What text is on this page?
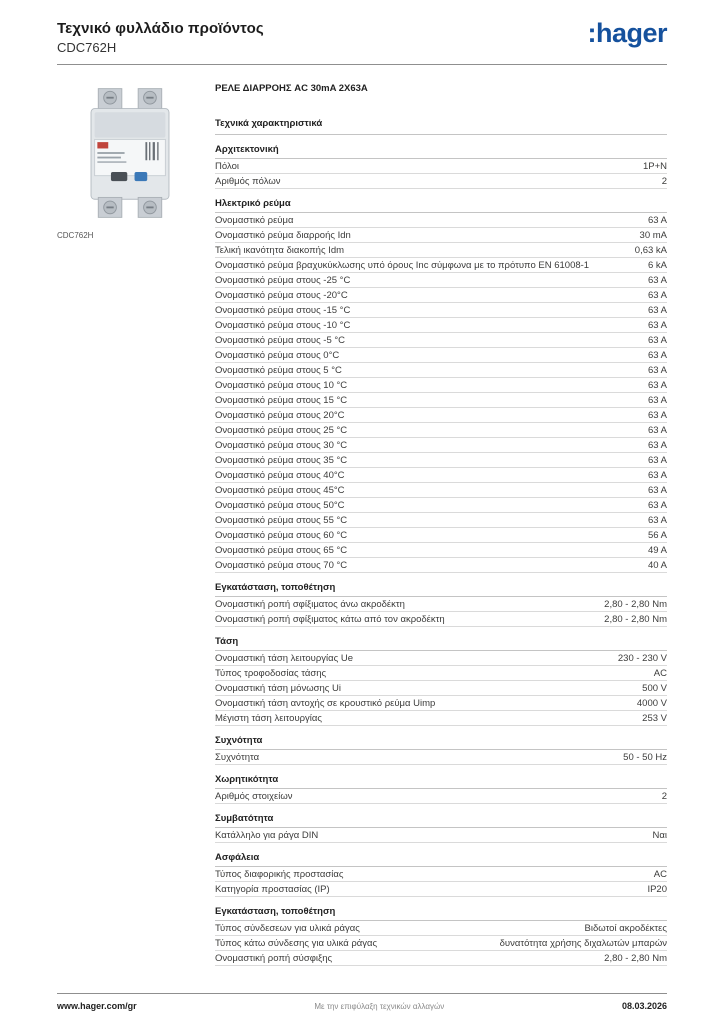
Τεχνικό φυλλάδιο προϊόντος
CDC762H	:hager
CDC762H
ΡΕΛΕ ΔΙΑΡΡΟΗΣ AC 30mA 2X63A
Τεχνικά χαρακτηριστικά
Αρχιτεκτονική
Πόλοι	1P+N
Αριθμός πόλων	2
Ηλεκτρικό ρεύμα
Ονομαστικό ρεύμα	63 A
Ονομαστικό ρεύμα διαρροής Idn	30 mA
Τελική ικανότητα διακοπής Idm	0,63 kA
Ονομαστικό ρεύμα βραχυκύκλωσης υπό όρους Inc σύμφωνα με το πρότυπο EN 61008-1	6 kA
Ονομαστικό ρεύμα στους -25 °C	63 A
Ονομαστικό ρεύμα στους -20°C	63 A
Ονομαστικό ρεύμα στους -15 °C	63 A
Ονομαστικό ρεύμα στους -10 °C	63 A
Ονομαστικό ρεύμα στους -5 °C	63 A
Ονομαστικό ρεύμα στους 0°C	63 A
Ονομαστικό ρεύμα στους 5 °C	63 A
Ονομαστικό ρεύμα στους 10 °C	63 A
Ονομαστικό ρεύμα στους 15 °C	63 A
Ονομαστικό ρεύμα στους 20°C	63 A
Ονομαστικό ρεύμα στους 25 °C	63 A
Ονομαστικό ρεύμα στους 30 °C	63 A
Ονομαστικό ρεύμα στους 35 °C	63 A
Ονομαστικό ρεύμα στους 40°C	63 A
Ονομαστικό ρεύμα στους 45°C	63 A
Ονομαστικό ρεύμα στους 50°C	63 A
Ονομαστικό ρεύμα στους 55 °C	63 A
Ονομαστικό ρεύμα στους 60 °C	56 A
Ονομαστικό ρεύμα στους 65 °C	49 A
Ονομαστικό ρεύμα στους 70 °C	40 A
Εγκατάσταση, τοποθέτηση
Ονομαστική ροπή σφίξιματος άνω ακροδέκτη	2,80 - 2,80 Nm
Ονομαστική ροπή σφίξιματος κάτω από τον ακροδέκτη	2,80 - 2,80 Nm
Τάση
Ονομαστική τάση λειτουργίας Ue	230 - 230 V
Τύπος τροφοδοσίας τάσης	AC
Ονομαστική τάση μόνωσης Ui	500 V
Ονομαστική τάση αντοχής σε κρουστικό ρεύμα Uimp	4000 V
Μέγιστη τάση λειτουργίας	253 V
Συχνότητα
Συχνότητα	50 - 50 Hz
Χωρητικότητα
Αριθμός στοιχείων	2
Συμβατότητα
Κατάλληλο για ράγα DIN	Ναι
Ασφάλεια
Τύπος διαφορικής προστασίας	AC
Κατηγορία προστασίας (IP)	IP20
Εγκατάσταση, τοποθέτηση
Τύπος σύνδεσεων για υλικά ράγας	Βιδωτοί ακροδέκτες
Τύπος κάτω σύνδεσης για υλικά ράγας	δυνατότητα χρήσης διχαλωτών μπαρών
Ονομαστική ροπή σύσφιξης	2,80 - 2,80 Nm
www.hager.com/gr	Με την επιφύλαξη τεχνικών αλλαγών	08.03.2026
